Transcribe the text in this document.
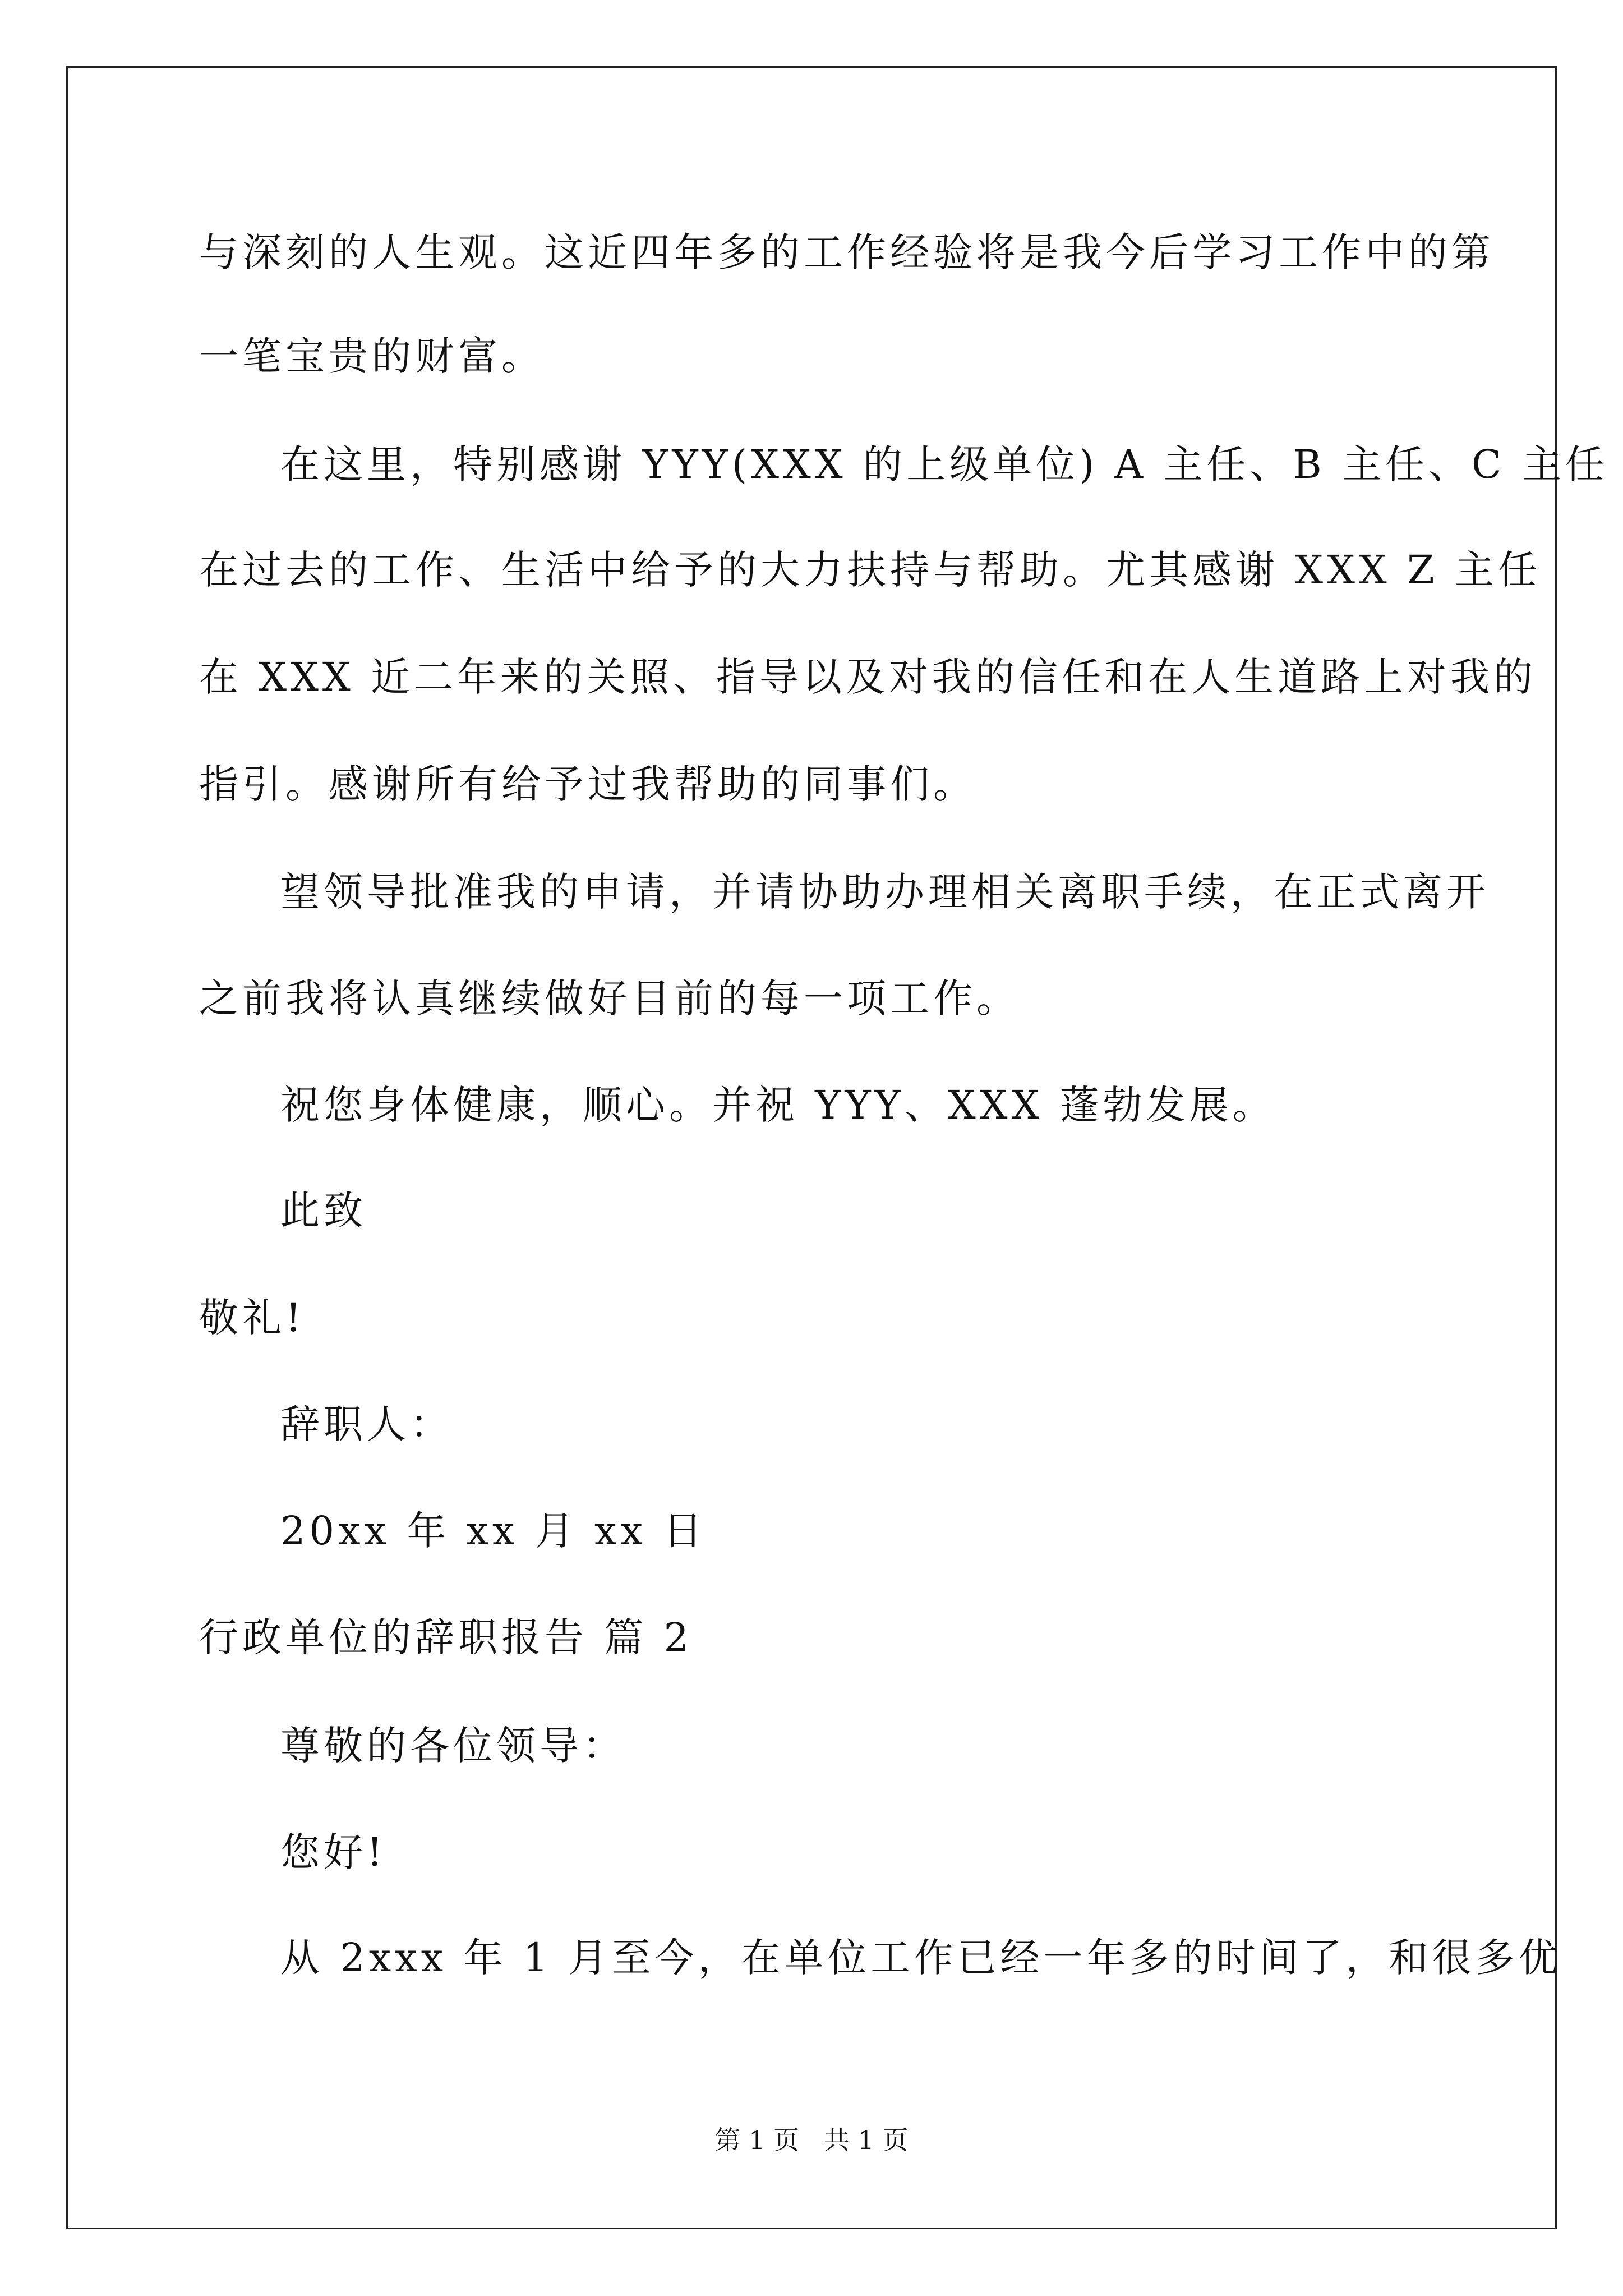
与深刻的人生观。这近四年多的工作经验将是我今后学习工作中的第
一笔宝贵的财富。
在这里，特别感谢 YYY(XXX 的上级单位) A 主任、B 主任、C 主任
在过去的工作、生活中给予的大力扶持与帮助。尤其感谢 XXX Z 主任
在 XXX 近二年来的关照、指导以及对我的信任和在人生道路上对我的
指引。感谢所有给予过我帮助的同事们。
望领导批准我的申请，并请协助办理相关离职手续，在正式离开
之前我将认真继续做好目前的每一项工作。
祝您身体健康，顺心。并祝 YYY、XXX 蓬勃发展。
此致
敬礼!
辞职人：
20xx 年 xx 月 xx 日
行政单位的辞职报告 篇 2
尊敬的各位领导：
您好!
从 2xxx 年 1 月至今，在单位工作已经一年多的时间了，和很多优
第 1 页   共 1 页
